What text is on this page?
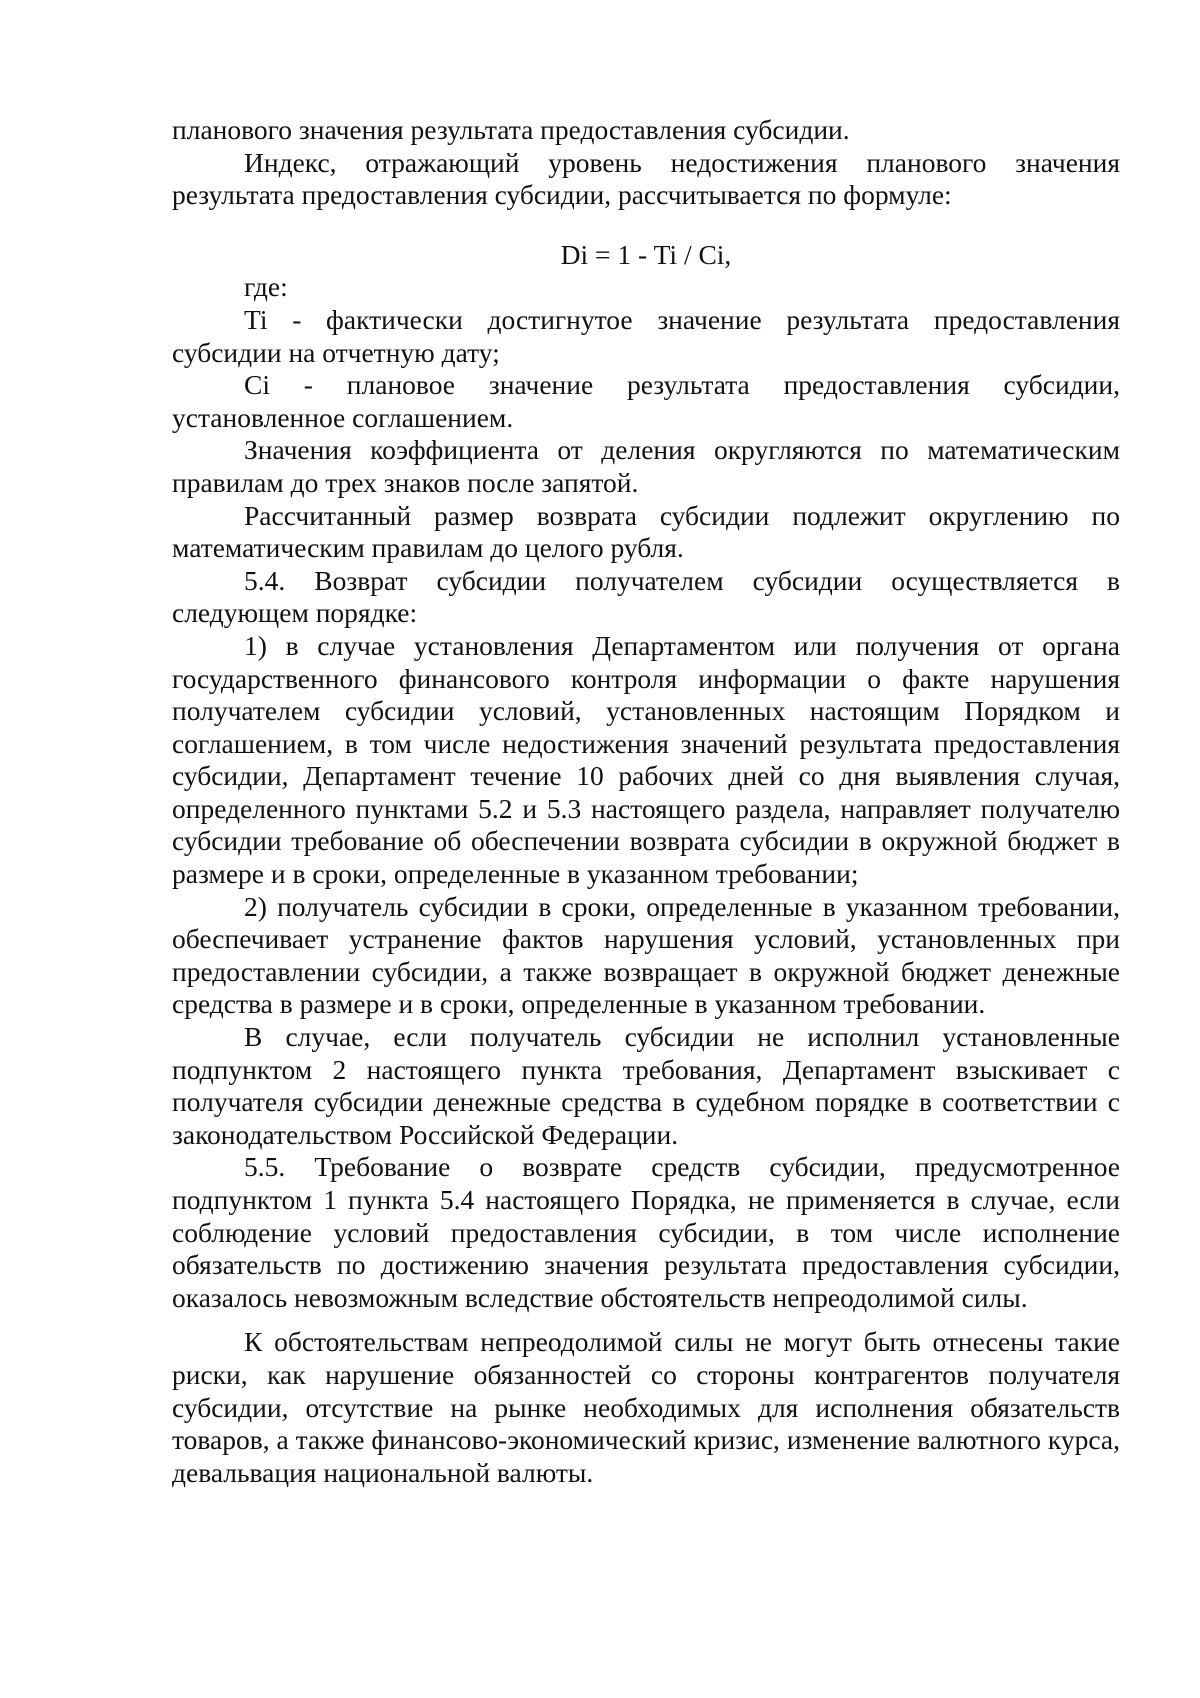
планового значения результата предоставления субсидии.

Индекс, отражающий уровень недостижения планового значения результата предоставления субсидии, рассчитывается по формуле:

Di = 1 - Ti / Ci,

где:

Ti - фактически достигнутое значение результата предоставления субсидии на отчетную дату;

Ci - плановое значение результата предоставления субсидии, установленное соглашением.

Значения коэффициента от деления округляются по математическим правилам до трех знаков после запятой.

Рассчитанный размер возврата субсидии подлежит округлению по математическим правилам до целого рубля.

5.4. Возврат субсидии получателем субсидии осуществляется в следующем порядке:

1) в случае установления Департаментом или получения от органа государственного финансового контроля информации о факте нарушения получателем субсидии условий, установленных настоящим Порядком и соглашением, в том числе недостижения значений результата предоставления субсидии, Департамент течение 10 рабочих дней со дня выявления случая, определенного пунктами 5.2 и 5.3 настоящего раздела, направляет получателю субсидии требование об обеспечении возврата субсидии в окружной бюджет в размере и в сроки, определенные в указанном требовании;

2) получатель субсидии в сроки, определенные в указанном требовании, обеспечивает устранение фактов нарушения условий, установленных при предоставлении субсидии, а также возвращает в окружной бюджет денежные средства в размере и в сроки, определенные в указанном требовании.

В случае, если получатель субсидии не исполнил установленные подпунктом 2 настоящего пункта требования, Департамент взыскивает с получателя субсидии денежные средства в судебном порядке в соответствии с законодательством Российской Федерации.

5.5. Требование о возврате средств субсидии, предусмотренное подпунктом 1 пункта 5.4 настоящего Порядка, не применяется в случае, если соблюдение условий предоставления субсидии, в том числе исполнение обязательств по достижению значения результата предоставления субсидии, оказалось невозможным вследствие обстоятельств непреодолимой силы.

К обстоятельствам непреодолимой силы не могут быть отнесены такие риски, как нарушение обязанностей со стороны контрагентов получателя субсидии, отсутствие на рынке необходимых для исполнения обязательств товаров, а также финансово-экономический кризис, изменение валютного курса, девальвация национальной валюты.
